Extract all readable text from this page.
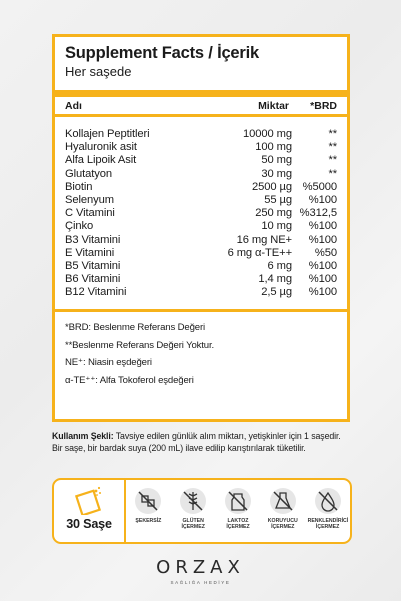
Supplement Facts / İçerik
Her saşede
Adı	Miktar	*BRD
Kollajen Peptitleri	10000 mg	**
Hyaluronik asit	100 mg	**
Alfa Lipoik Asit	50 mg	**
Glutatyon	30 mg	**
Biotin	2500 µg %5000
Selenyum	55 µg	%100
C Vitamini	250 mg %312,5
Çinko	10 mg	%100
B3 Vitamini	16 mg NE+	%100
E Vitamini	6 mg α-TE++	%50
B5 Vitamini	6 mg	%100
B6 Vitamini	1,4 mg	%100
B12 Vitamini	2,5 µg	%100
*BRD: Beslenme Referans Değeri
**Beslenme Referans Değeri Yoktur.
NE⁺: Niasin eşdeğeri
α-TE⁺⁺: Alfa Tokoferol eşdeğeri
Kullanım Şekli: Tavsiye edilen günlük alım miktarı, yetişkinler için 1 saşedir. Bir saşe, bir bardak suya (200 mL) ilave edilip karıştırılarak tüketilir.
30 Saşe	ŞEKERSİZ	GLÜTEN İÇERMEZ
LAKTOZ İÇERMEZ
KORUYUCU İÇERMEZ
RENKLENDİRİCİ İÇERMEZ
ORZAX
SAĞLIĞA HEDİYE
